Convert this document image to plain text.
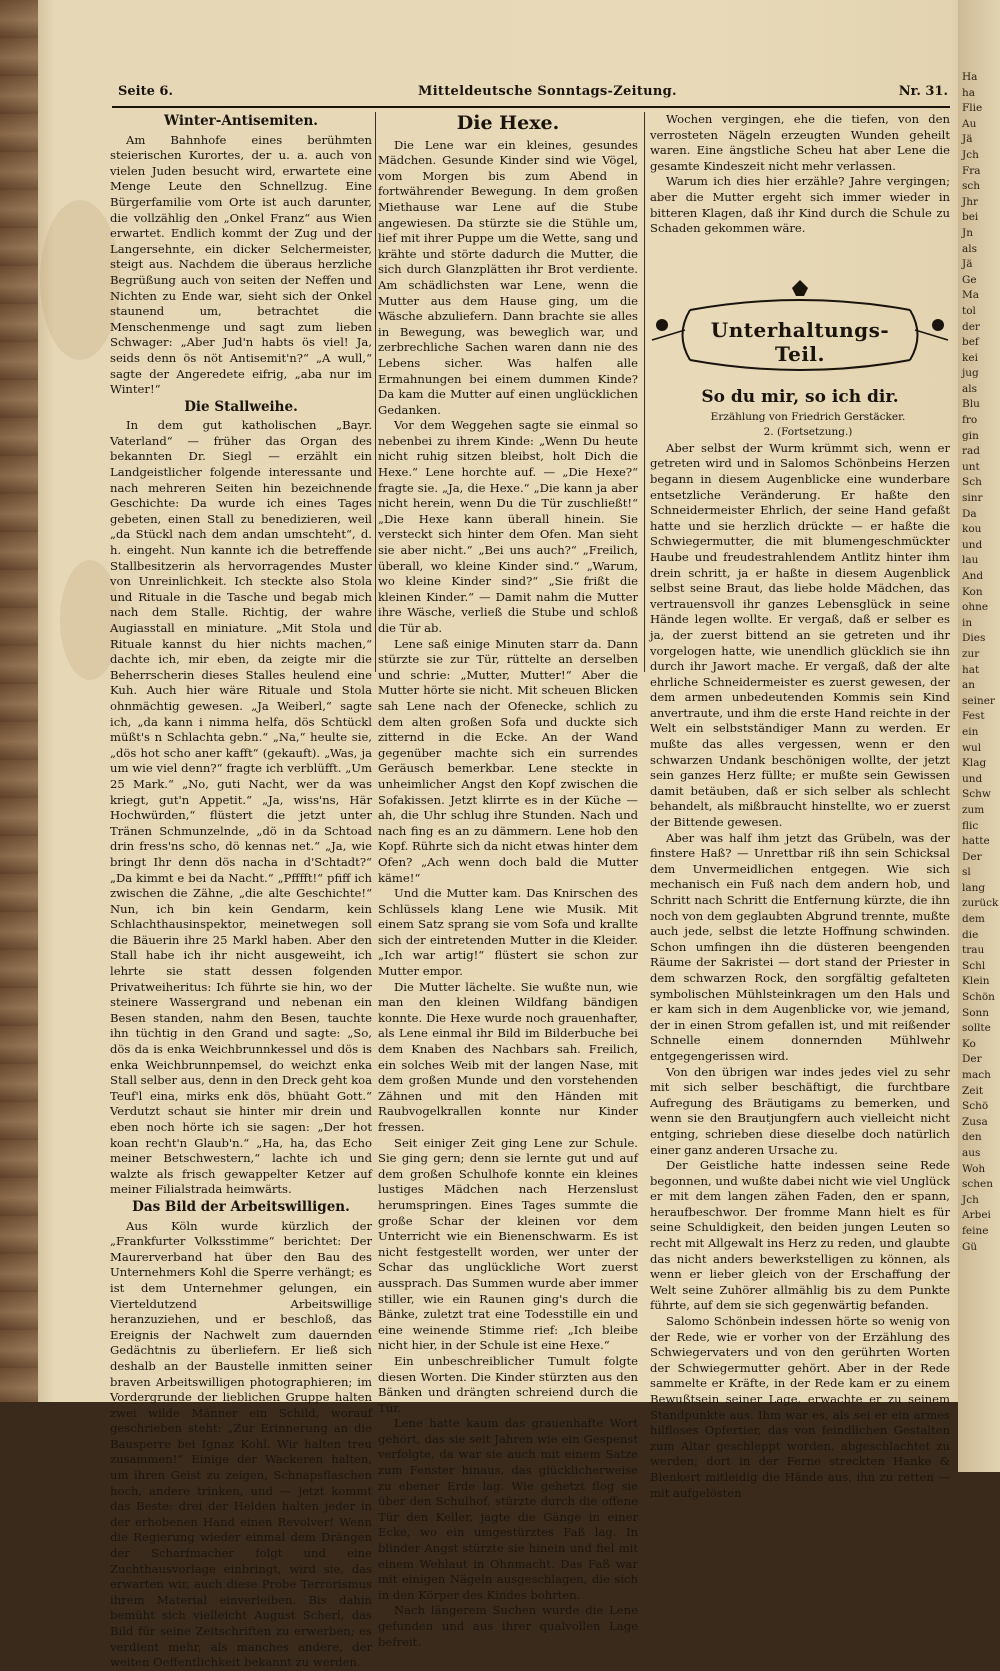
Seite 6.	Mitteldeutsche Sonntags-Zeitung.	Nr. 31.
Winter-Antisemiten.

Am Bahnhofe eines berühmten steierischen Kurortes, der u. a. auch von vielen Juden besucht wird, erwartete eine Menge Leute den Schnellzug. Eine Bürgerfamilie vom Orte ist auch darunter, die vollzählig den „Onkel Franz“ aus Wien erwartet. Endlich kommt der Zug und der Langersehnte, ein dicker Selchermeister, steigt aus. Nachdem die überaus herzliche Begrüßung auch von seiten der Neffen und Nichten zu Ende war, sieht sich der Onkel staunend um, betrachtet die Menschenmenge und sagt zum lieben Schwager: „Aber Jud'n habts ös viel! Ja, seids denn ös nöt Antisemit'n?“ „A wull,“ sagte der Angeredete eifrig, „aba nur im Winter!“

Die Stallweihe.

In dem gut katholischen „Bayr. Vaterland“ — früher das Organ des bekannten Dr. Siegl — erzählt ein Landgeistlicher folgende interessante und nach mehreren Seiten hin bezeichnende Geschichte: Da wurde ich eines Tages gebeten, einen Stall zu benedizieren, weil „da Stückl nach dem andan umschteht“, d. h. eingeht. Nun kannte ich die betreffende Stallbesitzerin als hervorragendes Muster von Unreinlichkeit. Ich steckte also Stola und Rituale in die Tasche und begab mich nach dem Stalle. Richtig, der wahre Augiasstall en miniature. „Mit Stola und Rituale kannst du hier nichts machen,“ dachte ich, mir eben, da zeigte mir die Beherrscherin dieses Stalles heulend eine Kuh. Auch hier wäre Rituale und Stola ohnmächtig gewesen. „Ja Weiberl,“ sagte ich, „da kann i nimma helfa, dös Schtückl müßt's n Schlachta gebn.“ „Na,“ heulte sie, „dös hot scho aner kafft“ (gekauft). „Was, ja um wie viel denn?“ fragte ich verblüfft. „Um 25 Mark.“ „No, guti Nacht, wer da was kriegt, gut'n Appetit.“ „Ja, wiss'ns, Här Hochwürden,“ flüstert die jetzt unter Tränen Schmunzelnde, „dö in da Schtoad drin fress'ns scho, dö kennas net.“ „Ja, wie bringt Ihr denn dös nacha in d'Schtadt?“ „Da kimmt e bei da Nacht.“ „Pfffft!“ pfiff ich zwischen die Zähne, „die alte Geschichte!“ Nun, ich bin kein Gendarm, kein Schlachthausinspektor, meinetwegen soll die Bäuerin ihre 25 Markl haben. Aber den Stall habe ich ihr nicht ausgeweiht, ich lehrte sie statt dessen folgenden Privatweiheritus: Ich führte sie hin, wo der steinere Wassergrand und nebenan ein Besen standen, nahm den Besen, tauchte ihn tüchtig in den Grand und sagte: „So, dös da is enka Weichbrunnkessel und dös is enka Weichbrunnpemsel, do weichzt enka Stall selber aus, denn in den Dreck geht koa Teuf'l eina, mirks enk dös, bhüaht Gott.“ Verdutzt schaut sie hinter mir drein und eben noch hörte ich sie sagen: „Der hot koan recht'n Glaub'n.“ „Ha, ha, das Echo meiner Betschwestern,“ lachte ich und walzte als frisch gewappelter Ketzer auf meiner Filialstrada heimwärts.

Das Bild der Arbeitswilligen.

Aus Köln wurde kürzlich der „Frankfurter Volksstimme“ berichtet: Der Maurerverband hat über den Bau des Unternehmers Kohl die Sperre verhängt; es ist dem Unternehmer gelungen, ein Vierteldutzend Arbeitswillige heranzuziehen, und er beschloß, das Ereignis der Nachwelt zum dauernden Gedächtnis zu überliefern. Er ließ sich deshalb an der Baustelle inmitten seiner braven Arbeitswilligen photographieren; im Vordergrunde der lieblichen Gruppe halten zwei wilde Männer ein Schild, worauf geschrieben steht: „Zur Erinnerung an die Bausperre bei Ignaz Kohl. Wir halten treu zusammen!“ Einige der Wackeren halten, um ihren Geist zu zeigen, Schnapsflaschen hoch, andere trinken, und — jetzt kommt das Beste: drei der Helden halten jeder in der erhobenen Hand einen Revolver! Wenn die Regierung wieder einmal dem Drängen der Scharfmacher folgt und eine Zuchthausvorlage einbringt, wird sie, das erwarten wir, auch diese Probe Terrorismus ihrem Material einverleiben. Bis dahin bemüht sich vielleicht August Scherl, das Bild für seine Zeitschriften zu erwerben; es verdient mehr, als manches andere, der weiten Oeffentlichkeit bekannt zu werden.

Die Hexe.

Die Lene war ein kleines, gesundes Mädchen. Gesunde Kinder sind wie Vögel, vom Morgen bis zum Abend in fortwährender Bewegung. In dem großen Miethause war Lene auf die Stube angewiesen. Da stürzte sie die Stühle um, lief mit ihrer Puppe um die Wette, sang und krähte und störte dadurch die Mutter, die sich durch Glanzplätten ihr Brot verdiente. Am schädlichsten war Lene, wenn die Mutter aus dem Hause ging, um die Wäsche abzuliefern. Dann brachte sie alles in Bewegung, was beweglich war, und zerbrechliche Sachen waren dann nie des Lebens sicher. Was halfen alle Ermahnungen bei einem dummen Kinde? Da kam die Mutter auf einen unglücklichen Gedanken.

Vor dem Weggehen sagte sie einmal so nebenbei zu ihrem Kinde: „Wenn Du heute nicht ruhig sitzen bleibst, holt Dich die Hexe.“ Lene horchte auf. — „Die Hexe?“ fragte sie. „Ja, die Hexe.“ „Die kann ja aber nicht herein, wenn Du die Tür zuschließt!“ „Die Hexe kann überall hinein. Sie versteckt sich hinter dem Ofen. Man sieht sie aber nicht.“ „Bei uns auch?“ „Freilich, überall, wo kleine Kinder sind.“ „Warum, wo kleine Kinder sind?“ „Sie frißt die kleinen Kinder.“ — Damit nahm die Mutter ihre Wäsche, verließ die Stube und schloß die Tür ab.

Lene saß einige Minuten starr da. Dann stürzte sie zur Tür, rüttelte an derselben und schrie: „Mutter, Mutter!“ Aber die Mutter hörte sie nicht. Mit scheuen Blicken sah Lene nach der Ofenecke, schlich zu dem alten großen Sofa und duckte sich zitternd in die Ecke. An der Wand gegenüber machte sich ein surrendes Geräusch bemerkbar. Lene steckte in unheimlicher Angst den Kopf zwischen die Sofakissen. Jetzt klirrte es in der Küche — ah, die Uhr schlug ihre Stunden. Nach und nach fing es an zu dämmern. Lene hob den Kopf. Rührte sich da nicht etwas hinter dem Ofen? „Ach wenn doch bald die Mutter käme!“

Und die Mutter kam. Das Knirschen des Schlüssels klang Lene wie Musik. Mit einem Satz sprang sie vom Sofa und krallte sich der eintretenden Mutter in die Kleider. „Ich war artig!“ flüstert sie schon zur Mutter empor.

Die Mutter lächelte. Sie wußte nun, wie man den kleinen Wildfang bändigen konnte. Die Hexe wurde noch grauenhafter, als Lene einmal ihr Bild im Bilderbuche bei dem Knaben des Nachbars sah. Freilich, ein solches Weib mit der langen Nase, mit dem großen Munde und den vorstehenden Zähnen und mit den Händen mit Raubvogelkrallen konnte nur Kinder fressen.

Seit einiger Zeit ging Lene zur Schule. Sie ging gern; denn sie lernte gut und auf dem großen Schulhofe konnte ein kleines lustiges Mädchen nach Herzenslust herumspringen. Eines Tages summte die große Schar der kleinen vor dem Unterricht wie ein Bienenschwarm. Es ist nicht festgestellt worden, wer unter der Schar das unglückliche Wort zuerst aussprach. Das Summen wurde aber immer stiller, wie ein Raunen ging's durch die Bänke, zuletzt trat eine Todesstille ein und eine weinende Stimme rief: „Ich bleibe nicht hier, in der Schule ist eine Hexe.“

Ein unbeschreiblicher Tumult folgte diesen Worten. Die Kinder stürzten aus den Bänken und drängten schreiend durch die Tür.

Lene hatte kaum das grauenhafte Wort gehört, das sie seit Jahren wie ein Gespenst verfolgte, da war sie auch mit einem Satze zum Fenster hinaus, das glücklicherweise zu ebener Erde lag. Wie gehetzt flog sie über den Schulhof, stürzte durch die offene Tür den Keller, jagte die Gänge in einer Ecke, wo ein umgestürztes Faß lag. In blinder Angst stürzte sie hinein und fiel mit einem Wehlaut in Ohnmacht. Das Faß war mit einigen Nägeln ausgeschlagen, die sich in den Körper des Kindes bohrten.

Nach längerem Suchen wurde die Lene gefunden und aus ihrer qualvollen Lage befreit.

Wochen vergingen, ehe die tiefen, von den verrosteten Nägeln erzeugten Wunden geheilt waren. Eine ängstliche Scheu hat aber Lene die gesamte Kindeszeit nicht mehr verlassen.

Warum ich dies hier erzähle? Jahre vergingen; aber die Mutter ergeht sich immer wieder in bitteren Klagen, daß ihr Kind durch die Schule zu Schaden gekommen wäre.

Unterhaltungs-Teil.
So du mir, so ich dir.

Erzählung von Friedrich Gerstäcker.

2. (Fortsetzung.)

Aber selbst der Wurm krümmt sich, wenn er getreten wird und in Salomos Schönbeins Herzen begann in diesem Augenblicke eine wunderbare entsetzliche Veränderung. Er haßte den Schneidermeister Ehrlich, der seine Hand gefaßt hatte und sie herzlich drückte — er haßte die Schwiegermutter, die mit blumengeschmückter Haube und freudestrahlendem Antlitz hinter ihm drein schritt, ja er haßte in diesem Augenblick selbst seine Braut, das liebe holde Mädchen, das vertrauensvoll ihr ganzes Lebensglück in seine Hände legen wollte. Er vergaß, daß er selber es ja, der zuerst bittend an sie getreten und ihr vorgelogen hatte, wie unendlich glücklich sie ihn durch ihr Jawort mache. Er vergaß, daß der alte ehrliche Schneidermeister es zuerst gewesen, der dem armen unbedeutenden Kommis sein Kind anvertraute, und ihm die erste Hand reichte in der Welt ein selbstständiger Mann zu werden. Er mußte das alles vergessen, wenn er den schwarzen Undank beschönigen wollte, der jetzt sein ganzes Herz füllte; er mußte sein Gewissen damit betäuben, daß er sich selber als schlecht behandelt, als mißbraucht hinstellte, wo er zuerst der Bittende gewesen.

Aber was half ihm jetzt das Grübeln, was der finstere Haß? — Unrettbar riß ihn sein Schicksal dem Unvermeidlichen entgegen. Wie sich mechanisch ein Fuß nach dem andern hob, und Schritt nach Schritt die Entfernung kürzte, die ihn noch von dem geglaubten Abgrund trennte, mußte auch jede, selbst die letzte Hoffnung schwinden. Schon umfingen ihn die düsteren beengenden Räume der Sakristei — dort stand der Priester in dem schwarzen Rock, den sorgfältig gefalteten symbolischen Mühlsteinkragen um den Hals und er kam sich in dem Augenblicke vor, wie jemand, der in einen Strom gefallen ist, und mit reißender Schnelle einem donnernden Mühlwehr entgegengerissen wird.

Von den übrigen war indes jedes viel zu sehr mit sich selber beschäftigt, die furchtbare Aufregung des Bräutigams zu bemerken, und wenn sie den Brautjungfern auch vielleicht nicht entging, schrieben diese dieselbe doch natürlich einer ganz anderen Ursache zu.

Der Geistliche hatte indessen seine Rede begonnen, und wußte dabei nicht wie viel Unglück er mit dem langen zähen Faden, den er spann, heraufbeschwor. Der fromme Mann hielt es für seine Schuldigkeit, den beiden jungen Leuten so recht mit Allgewalt ins Herz zu reden, und glaubte das nicht anders bewerkstelligen zu können, als wenn er lieber gleich von der Erschaffung der Welt seine Zuhörer allmählig bis zu dem Punkte führte, auf dem sie sich gegenwärtig befanden.

Salomo Schönbein indessen hörte so wenig von der Rede, wie er vorher von der Erzählung des Schwiegervaters und von den gerührten Worten der Schwiegermutter gehört. Aber in der Rede sammelte er Kräfte, in der Rede kam er zu einem Bewußtsein seiner Lage, erwachte er zu seinem Standpunkte aus. Ihm war es, als sei er ein armes hilfloses Opfertier, das von feindlichen Gestalten zum Altar geschleppt worden, abgeschlachtet zu werden; dort in der Ferne streckten Hanke & Blenkert mitleidig die Hände aus, ihn zu retten — mit aufgelösten

Ha
ha
Flie
Au
Jä
Jch
Fra
sch
Jhr
bei
Jn
als
Jä
Ge
Ma
tol
der
bef
kei
jug
als
Blu
fro
gin
rad
unt
Sch
sinr
Da
kou
und
lau
And
Kon
ohne
in
Dies
zur
hat
an
seiner
Fest
ein
wul
Klag
und
Schw
zum
flic
hatte
Der
sl
lang
zurück
dem
die
trau
Schl
Klein
Schön
Sonn
sollte
Ko
Der
mach
Zeit
Schö
Zusa
den
aus
Woh
schen
Jch
Arbei
feine
Gü
